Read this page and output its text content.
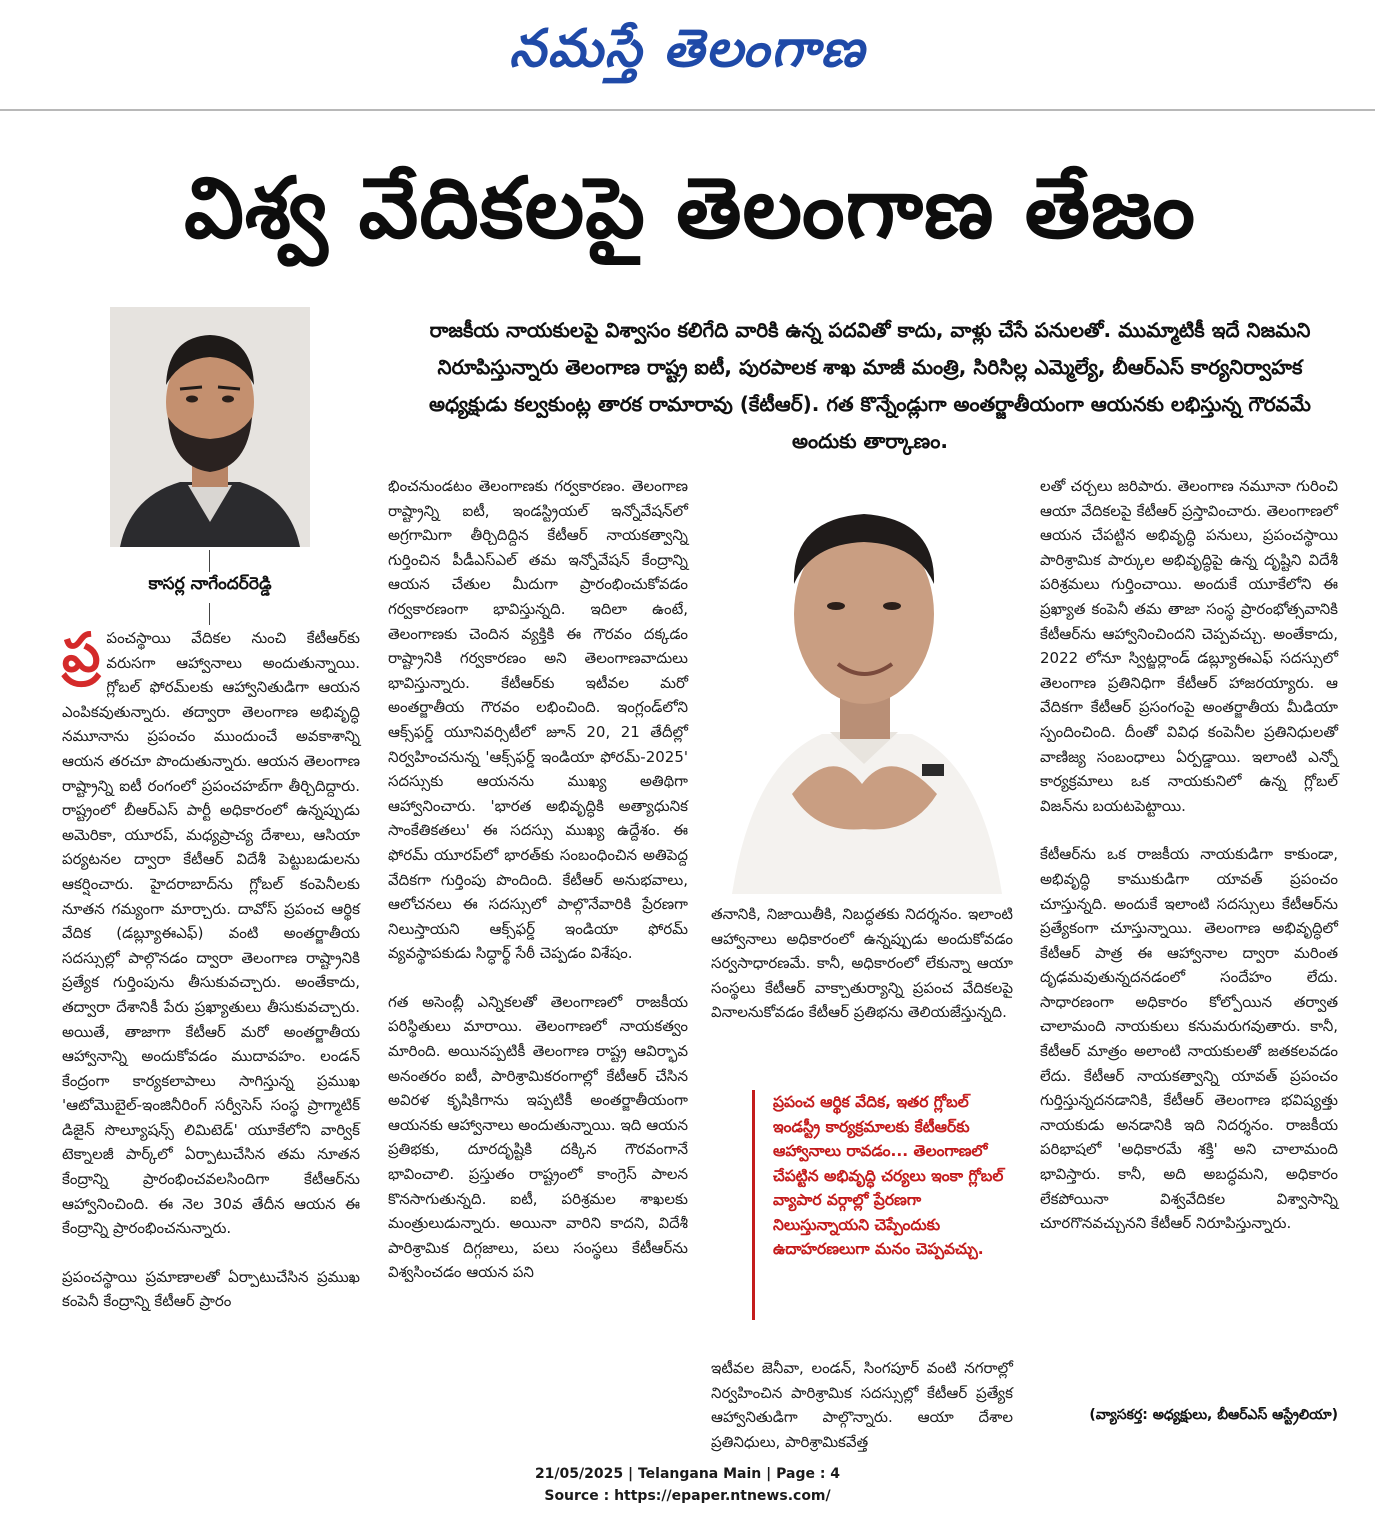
నమస్తే తెలంగాణ
విశ్వ వేదికలపై తెలంగాణ తేజం
కాసర్ల నాగేందర్‌రెడ్డి
రాజకీయ నాయకులపై విశ్వాసం కలిగేది వారికి ఉన్న పదవితో కాదు, వాళ్లు చేసే పనులతో. ముమ్మాటికీ ఇదే నిజమని నిరూపిస్తున్నారు తెలంగాణ రాష్ట్ర ఐటీ, పురపాలక శాఖ మాజీ మంత్రి, సిరిసిల్ల ఎమ్మెల్యే, బీఆర్‌ఎస్ కార్యనిర్వాహక అధ్యక్షుడు కల్వకుంట్ల తారక రామారావు (కేటీఆర్). గత కొన్నేండ్లుగా అంతర్జాతీయంగా ఆయనకు లభిస్తున్న గౌరవమే అందుకు తార్కాణం.

ప్ర పంచస్థాయి వేదికల నుంచి కేటీఆర్‌కు వరుసగా ఆహ్వానాలు అందుతున్నాయి. గ్లోబల్ ఫోరమ్‌లకు ఆహ్వానితుడిగా ఆయన ఎంపికవుతున్నారు. తద్వారా తెలంగాణ అభివృద్ధి నమూనాను ప్రపంచం ముందుంచే అవకాశాన్ని ఆయన తరచూ పొందుతున్నారు. ఆయన తెలంగాణ రాష్ట్రాన్ని ఐటీ రంగంలో ప్రపంచహబ్‌గా తీర్చిదిద్దారు. రాష్ట్రంలో బీఆర్‌ఎస్ పార్టీ అధికారంలో ఉన్నప్పుడు అమెరికా, యూరప్, మధ్యప్రాచ్య దేశాలు, ఆసియా పర్యటనల ద్వారా కేటీఆర్ విదేశీ పెట్టుబడులను ఆకర్షించారు. హైదరాబాద్‌ను గ్లోబల్ కంపెనీలకు నూతన గమ్యంగా మార్చారు. దావోస్ ప్రపంచ ఆర్థిక వేదిక (డబ్ల్యూఈఎఫ్) వంటి అంతర్జాతీయ సదస్సుల్లో పాల్గొనడం ద్వారా తెలంగాణ రాష్ట్రానికి ప్రత్యేక గుర్తింపును తీసుకువచ్చారు. అంతేకాదు, తద్వారా దేశానికీ పేరు ప్రఖ్యాతులు తీసుకువచ్చారు. అయితే, తాజాగా కేటీఆర్ మరో అంతర్జాతీయ ఆహ్వానాన్ని అందుకోవడం ముదావహం. లండన్ కేంద్రంగా కార్యకలాపాలు సాగిస్తున్న ప్రముఖ 'ఆటోమొబైల్-ఇంజినీరింగ్ సర్వీసెస్ సంస్థ ప్రాగ్మాటిక్ డిజైన్ సొల్యూషన్స్ లిమిటెడ్' యూకేలోని వార్విక్ టెక్నాలజీ పార్క్‌లో ఏర్పాటుచేసిన తమ నూతన కేంద్రాన్ని ప్రారంభించవలసిందిగా కేటీఆర్‌ను ఆహ్వానించింది. ఈ నెల 30వ తేదీన ఆయన ఈ కేంద్రాన్ని ప్రారంభించనున్నారు.

ప్రపంచస్థాయి ప్రమాణాలతో ఏర్పాటుచేసిన ప్రముఖ కంపెనీ కేంద్రాన్ని కేటీఆర్ ప్రారం

భించనుండటం తెలంగాణకు గర్వకారణం. తెలంగాణ రాష్ట్రాన్ని ఐటీ, ఇండస్ట్రియల్ ఇన్నోవేషన్‌లో అగ్రగామిగా తీర్చిదిద్దిన కేటీఆర్ నాయకత్వాన్ని గుర్తించిన పీడీఎస్ఎల్ తమ ఇన్నోవేషన్ కేంద్రాన్ని ఆయన చేతుల మీదుగా ప్రారంభించుకోవడం గర్వకారణంగా భావిస్తున్నది. ఇదిలా ఉంటే, తెలంగాణకు చెందిన వ్యక్తికి ఈ గౌరవం దక్కడం రాష్ట్రానికి గర్వకారణం అని తెలంగాణవాదులు భావిస్తున్నారు. కేటీఆర్‌కు ఇటీవల మరో అంతర్జాతీయ గౌరవం లభించింది. ఇంగ్లండ్‌లోని ఆక్స్‌ఫర్డ్ యూనివర్సిటీలో జూన్ 20, 21 తేదీల్లో నిర్వహించనున్న 'ఆక్స్‌ఫర్డ్ ఇండియా ఫోరమ్-2025' సదస్సుకు ఆయనను ముఖ్య అతిథిగా ఆహ్వానించారు. 'భారత అభివృద్ధికి అత్యాధునిక సాంకేతికతలు' ఈ సదస్సు ముఖ్య ఉద్దేశం. ఈ ఫోరమ్ యూరప్‌లో భారత్‌కు సంబంధించిన అతిపెద్ద వేదికగా గుర్తింపు పొందింది. కేటీఆర్ అనుభవాలు, ఆలోచనలు ఈ సదస్సులో పాల్గొనేవారికి ప్రేరణగా నిలుస్తాయని ఆక్స్‌ఫర్డ్ ఇండియా ఫోరమ్ వ్యవస్థాపకుడు సిద్ధార్థ్ సేఠీ చెప్పడం విశేషం.

గత అసెంబ్లీ ఎన్నికలతో తెలంగాణలో రాజకీయ పరిస్థితులు మారాయి. తెలంగాణలో నాయకత్వం మారింది. అయినప్పటికీ తెలంగాణ రాష్ట్ర ఆవిర్భావ అనంతరం ఐటీ, పారిశ్రామికరంగాల్లో కేటీఆర్ చేసిన అవిరళ కృషికిగాను ఇప్పటికీ అంతర్జాతీయంగా ఆయనకు ఆహ్వానాలు అందుతున్నాయి. ఇది ఆయన ప్రతిభకు, దూరదృష్టికి దక్కిన గౌరవంగానే భావించాలి. ప్రస్తుతం రాష్ట్రంలో కాంగ్రెస్ పాలన కొనసాగుతున్నది. ఐటీ, పరిశ్రమల శాఖలకు మంత్రులుడున్నారు. అయినా వారిని కాదని, విదేశీ పారిశ్రామిక దిగ్గజాలు, పలు సంస్థలు కేటీఆర్‌ను విశ్వసించడం ఆయన పని

తనానికి, నిజాయితీకి, నిబద్ధతకు నిదర్శనం. ఇలాంటి ఆహ్వానాలు అధికారంలో ఉన్నప్పుడు అందుకోవడం సర్వసాధారణమే. కానీ, అధికారంలో లేకున్నా ఆయా సంస్థలు కేటీఆర్ వాక్చాతుర్యాన్ని ప్రపంచ వేదికలపై వినాలనుకోవడం కేటీఆర్ ప్రతిభను తెలియజేస్తున్నది.

ప్రపంచ ఆర్థిక వేదిక, ఇతర గ్లోబల్ ఇండస్ట్రీ కార్యక్రమాలకు కేటీఆర్‌కు ఆహ్వానాలు రావడం... తెలంగాణలో చేపట్టిన అభివృద్ధి చర్యలు ఇంకా గ్లోబల్ వ్యాపార వర్గాల్లో ప్రేరణగా నిలుస్తున్నాయని చెప్పేందుకు ఉదాహరణలుగా మనం చెప్పవచ్చు.

ఇటీవల జెనీవా, లండన్, సింగపూర్ వంటి నగరాల్లో నిర్వహించిన పారిశ్రామిక సదస్సుల్లో కేటీఆర్ ప్రత్యేక ఆహ్వానితుడిగా పాల్గొన్నారు. ఆయా దేశాల ప్రతినిధులు, పారిశ్రామికవేత్త

లతో చర్చలు జరిపారు. తెలంగాణ నమూనా గురించి ఆయా వేదికలపై కేటీఆర్ ప్రస్తావించారు. తెలంగాణలో ఆయన చేపట్టిన అభివృద్ధి పనులు, ప్రపంచస్థాయి పారిశ్రామిక పార్కుల అభివృద్ధిపై ఉన్న దృష్టిని విదేశీ పరిశ్రమలు గుర్తించాయి. అందుకే యూకేలోని ఈ ప్రఖ్యాత కంపెనీ తమ తాజా సంస్థ ప్రారంభోత్సవానికి కేటీఆర్‌ను ఆహ్వానించిందని చెప్పవచ్చు. అంతేకాదు, 2022 లోనూ స్విట్జర్లాండ్ డబ్ల్యూఈఎఫ్ సదస్సులో తెలంగాణ ప్రతినిధిగా కేటీఆర్ హాజరయ్యారు. ఆ వేదికగా కేటీఆర్ ప్రసంగంపై అంతర్జాతీయ మీడియా స్పందించింది. దీంతో వివిధ కంపెనీల ప్రతినిధులతో వాణిజ్య సంబంధాలు ఏర్పడ్డాయి. ఇలాంటి ఎన్నో కార్యక్రమాలు ఒక నాయకునిలో ఉన్న గ్లోబల్ విజన్‌ను బయటపెట్టాయి.

కేటీఆర్‌ను ఒక రాజకీయ నాయకుడిగా కాకుండా, అభివృద్ధి కాముకుడిగా యావత్ ప్రపంచం చూస్తున్నది. అందుకే ఇలాంటి సదస్సులు కేటీఆర్‌ను ప్రత్యేకంగా చూస్తున్నాయి. తెలంగాణ అభివృద్ధిలో కేటీఆర్ పాత్ర ఈ ఆహ్వానాల ద్వారా మరింత దృఢమవుతున్నదనడంలో సందేహం లేదు. సాధారణంగా అధికారం కోల్పోయిన తర్వాత చాలామంది నాయకులు కనుమరుగవుతారు. కానీ, కేటీఆర్ మాత్రం అలాంటి నాయకులతో జతకలవడం లేదు. కేటీఆర్ నాయకత్వాన్ని యావత్ ప్రపంచం గుర్తిస్తున్నదనడానికి, కేటీఆర్ తెలంగాణ భవిష్యత్తు నాయకుడు అనడానికి ఇది నిదర్శనం. రాజకీయ పరిభాషలో 'అధికారమే శక్తి' అని చాలామంది భావిస్తారు. కానీ, అది అబద్ధమని, అధికారం లేకపోయినా విశ్వవేదికల విశ్వాసాన్ని చూరగొనవచ్చునని కేటీఆర్ నిరూపిస్తున్నారు.

(వ్యాసకర్త: అధ్యక్షులు, బీఆర్‌ఎస్ ఆస్ట్రేలియా)
21/05/2025 | Telangana Main | Page : 4
Source : https://epaper.ntnews.com/
